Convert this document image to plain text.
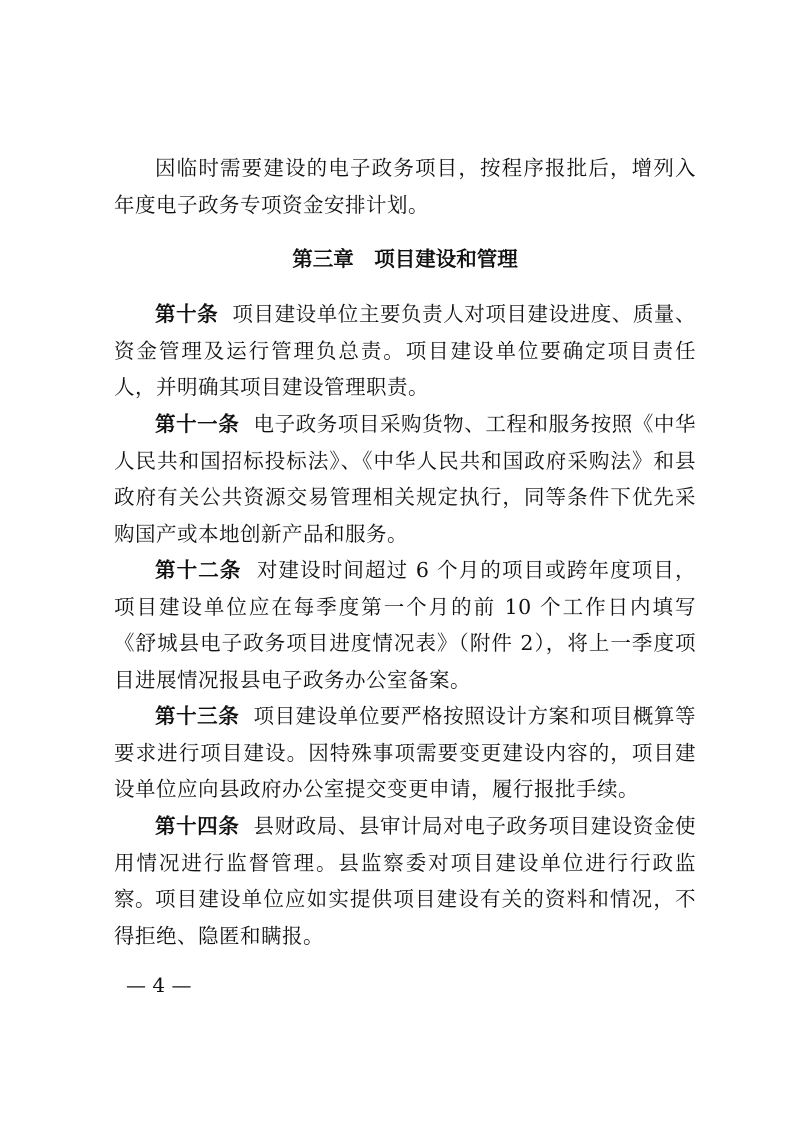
因临时需要建设的电子政务项目，按程序报批后，增列入年度电子政务专项资金安排计划。

第三章　项目建设和管理

第十条 项目建设单位主要负责人对项目建设进度、质量、资金管理及运行管理负总责。项目建设单位要确定项目责任人，并明确其项目建设管理职责。

第十一条 电子政务项目采购货物、工程和服务按照《中华人民共和国招标投标法》、《中华人民共和国政府采购法》和县政府有关公共资源交易管理相关规定执行，同等条件下优先采购国产或本地创新产品和服务。

第十二条 对建设时间超过 6 个月的项目或跨年度项目，项目建设单位应在每季度第一个月的前 10 个工作日内填写《舒城县电子政务项目进度情况表》（附件 2），将上一季度项目进展情况报县电子政务办公室备案。

第十三条 项目建设单位要严格按照设计方案和项目概算等要求进行项目建设。因特殊事项需要变更建设内容的，项目建设单位应向县政府办公室提交变更申请，履行报批手续。

第十四条 县财政局、县审计局对电子政务项目建设资金使用情况进行监督管理。县监察委对项目建设单位进行行政监察。 项目建设单位应如实提供项目建设有关的资料和情况，不得拒绝、隐匿和瞒报。

— 4 —
